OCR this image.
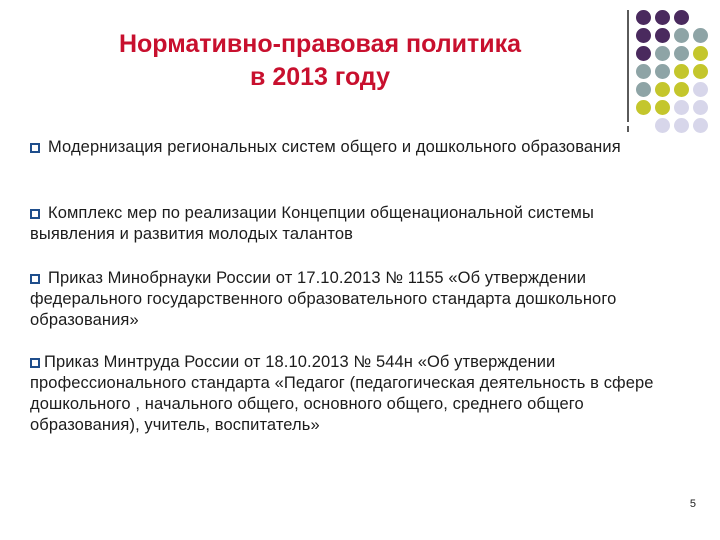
Нормативно-правовая политика
в 2013 году
Модернизация региональных систем общего и дошкольного образования
Комплекс мер по реализации Концепции общенациональной системы выявления и развития молодых талантов
Приказ Минобрнауки России от 17.10.2013 № 1155 «Об утверждении федерального государственного образовательного стандарта дошкольного образования»
Приказ Минтруда России от 18.10.2013 № 544н «Об утверждении профессионального стандарта «Педагог (педагогическая деятельность в сфере дошкольного , начального общего, основного общего, среднего общего образования), учитель, воспитатель»
5
